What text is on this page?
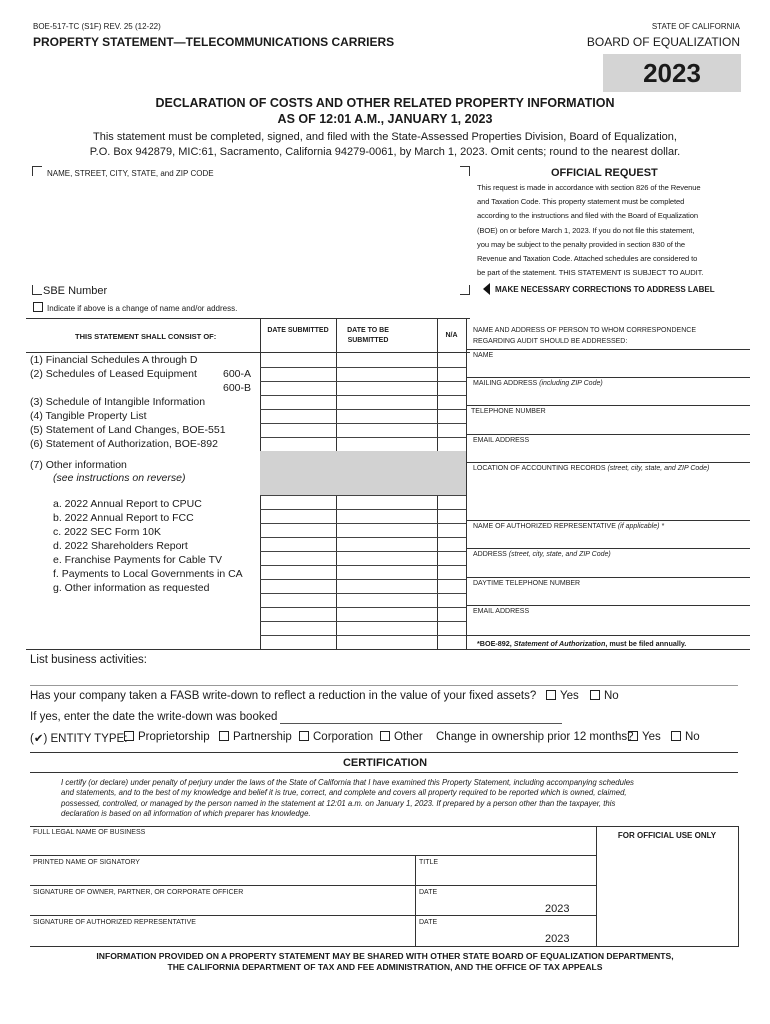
BOE-517-TC (S1F) REV. 25 (12-22)
PROPERTY STATEMENT—TELECOMMUNICATIONS CARRIERS
STATE OF CALIFORNIA
BOARD OF EQUALIZATION
2023
DECLARATION OF COSTS AND OTHER RELATED PROPERTY INFORMATION
AS OF 12:01 A.M., JANUARY 1, 2023
This statement must be completed, signed, and filed with the State-Assessed Properties Division, Board of Equalization,
P.O. Box 942879, MIC:61, Sacramento, California 94279-0061, by March 1, 2023. Omit cents; round to the nearest dollar.
NAME, STREET, CITY, STATE, and ZIP CODE
SBE Number
Indicate if above is a change of name and/or address.
OFFICIAL REQUEST
This request is made in accordance with section 826 of the Revenue
and Taxation Code. This property statement must be completed
according to the instructions and filed with the Board of Equalization
(BOE) on or before March 1, 2023. If you do not file this statement,
you may be subject to the penalty provided in section 830 of the
Revenue and Taxation Code. Attached schedules are considered to
be part of the statement. THIS STATEMENT IS SUBJECT TO AUDIT.
MAKE NECESSARY CORRECTIONS TO ADDRESS LABEL
THIS STATEMENT SHALL CONSIST OF:
DATE SUBMITTED	DATE TO BE SUBMITTED
N/A
(1) Financial Schedules A through D
(2) Schedules of Leased Equipment 600-A
600-B
(3) Schedule of Intangible Information
(4) Tangible Property List
(5) Statement of Land Changes, BOE-551
(6) Statement of Authorization, BOE-892
(7) Other information
(see instructions on reverse)
a. 2022 Annual Report to CPUC
b. 2022 Annual Report to FCC
c. 2022 SEC Form 10K
d. 2022 Shareholders Report
e. Franchise Payments for Cable TV
f. Payments to Local Governments in CA
g. Other information as requested
NAME AND ADDRESS OF PERSON TO WHOM CORRESPONDENCE
REGARDING AUDIT SHOULD BE ADDRESSED:
NAME
MAILING ADDRESS (including ZIP Code)
TELEPHONE NUMBER
EMAIL ADDRESS
LOCATION OF ACCOUNTING RECORDS (street, city, state, and ZIP Code)
NAME OF AUTHORIZED REPRESENTATIVE (if applicable) *
ADDRESS (street, city, state, and ZIP Code)
DAYTIME TELEPHONE NUMBER
EMAIL ADDRESS
*BOE-892, Statement of Authorization, must be filed annually.
List business activities:
Has your company taken a FASB write-down to reflect a reduction in the value of your fixed assets?	Yes	No
If yes, enter the date the write-down was booked
(✔) ENTITY TYPE: Proprietorship	Partnership	Corporation	Other Change in ownership prior 12 months? Yes	No
CERTIFICATION
I certify (or declare) under penalty of perjury under the laws of the State of California that I have examined this Property Statement, including accompanying schedules
and statements, and to the best of my knowledge and belief it is true, correct, and complete and covers all property required to be reported which is owned, claimed,
possessed, controlled, or managed by the person named in the statement at 12:01 a.m. on January 1, 2023. If prepared by a person other than the taxpayer, this
declaration is based on all information of which preparer has knowledge.
FULL LEGAL NAME OF BUSINESS	FOR OFFICIAL USE ONLY
PRINTED NAME OF SIGNATORY	TITLE
SIGNATURE OF OWNER, PARTNER, OR CORPORATE OFFICER	DATE
2023
SIGNATURE OF AUTHORIZED REPRESENTATIVE	DATE
2023
INFORMATION PROVIDED ON A PROPERTY STATEMENT MAY BE SHARED WITH OTHER STATE BOARD OF EQUALIZATION DEPARTMENTS,
THE CALIFORNIA DEPARTMENT OF TAX AND FEE ADMINISTRATION, AND THE OFFICE OF TAX APPEALS
